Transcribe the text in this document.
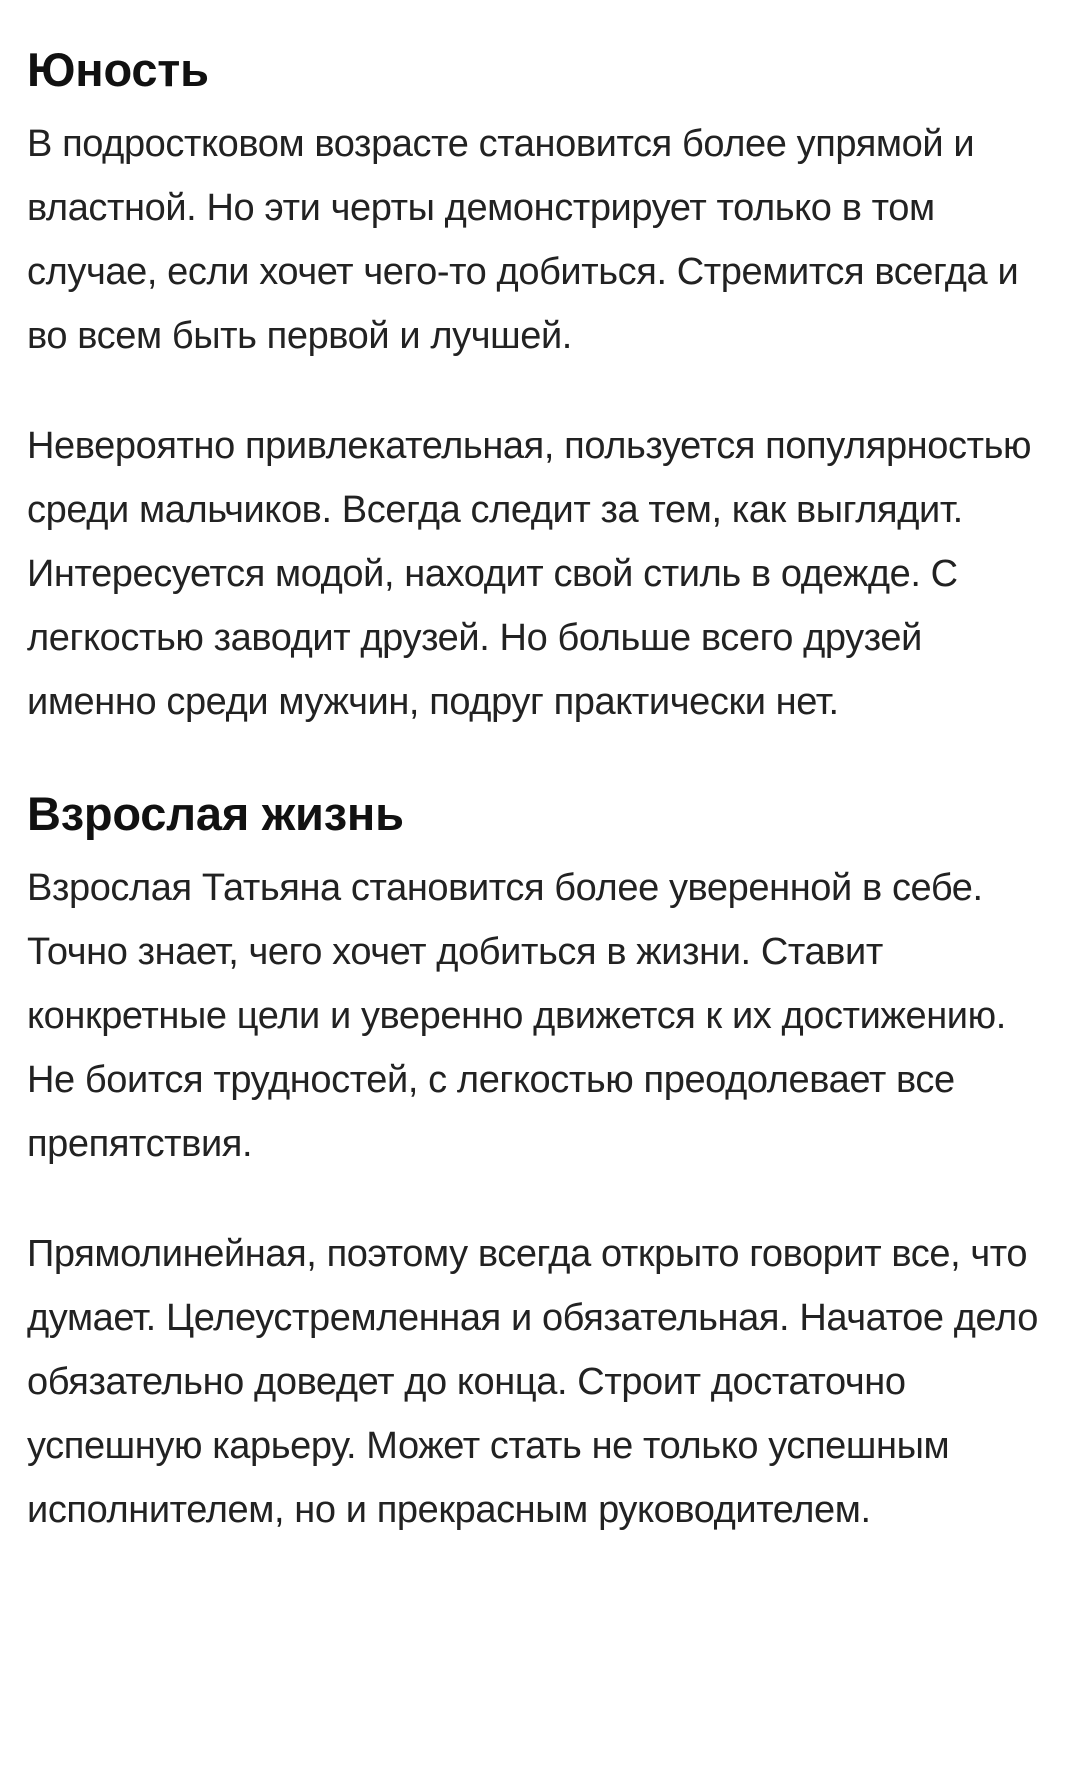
Юность

В подростковом возрасте становится более упрямой и властной. Но эти черты демонстрирует только в том случае, если хочет чего-то добиться. Стремится всегда и во всем быть первой и лучшей.

Невероятно привлекательная, пользуется популярностью среди мальчиков. Всегда следит за тем, как выглядит. Интересуется модой, находит свой стиль в одежде. С легкостью заводит друзей. Но больше всего друзей именно среди мужчин, подруг практически нет.

Взрослая жизнь

Взрослая Татьяна становится более уверенной в себе. Точно знает, чего хочет добиться в жизни. Ставит конкретные цели и уверенно движется к их достижению. Не боится трудностей, с легкостью преодолевает все препятствия.

Прямолинейная, поэтому всегда открыто говорит все, что думает. Целеустремленная и обязательная. Начатое дело обязательно доведет до конца. Строит достаточно успешную карьеру. Может стать не только успешным исполнителем, но и прекрасным руководителем.
